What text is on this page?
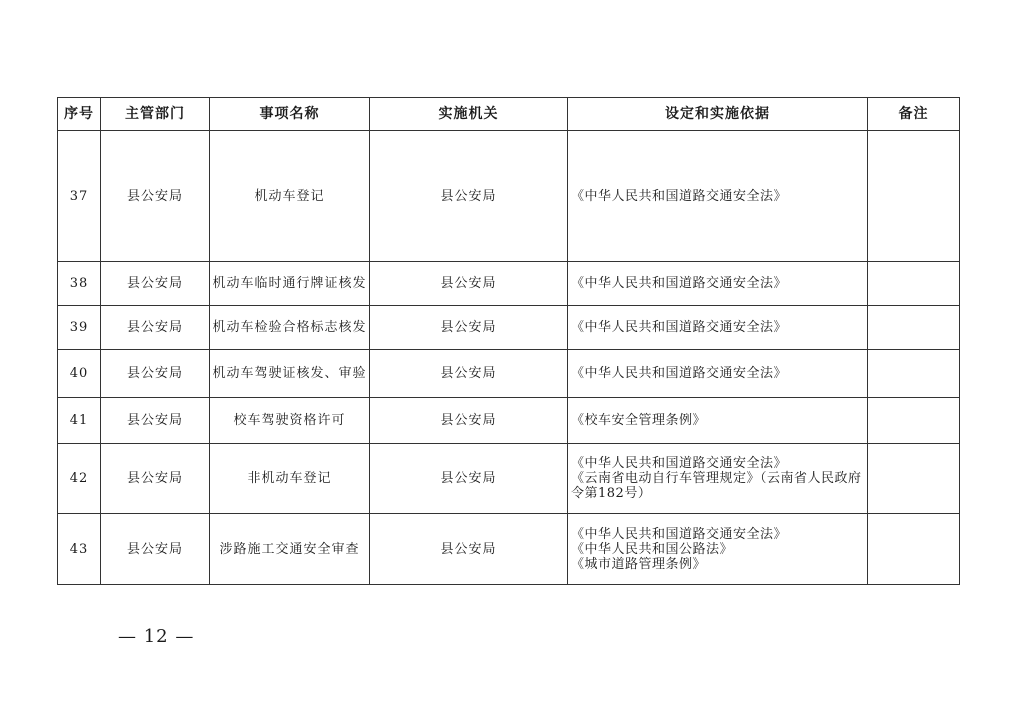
序号	主管部门	事项名称	实施机关	设定和实施依据	备注
37	县公安局	机动车登记	县公安局	《中华人民共和国道路交通安全法》	

38	县公安局	机动车临时通行牌证核发	县公安局	《中华人民共和国道路交通安全法》	

39	县公安局	机动车检验合格标志核发	县公安局	《中华人民共和国道路交通安全法》	

40	县公安局	机动车驾驶证核发、审验	县公安局	《中华人民共和国道路交通安全法》	

41	县公安局	校车驾驶资格许可	县公安局	《校车安全管理条例》	

42	县公安局	非机动车登记	县公安局	《中华人民共和国道路交通安全法》
《云南省电动自行车管理规定》（云南省人民政府令第182号）	

43	县公安局	涉路施工交通安全审查	县公安局	《中华人民共和国道路交通安全法》
《中华人民共和国公路法》
《城市道路管理条例》	

— 12 —
